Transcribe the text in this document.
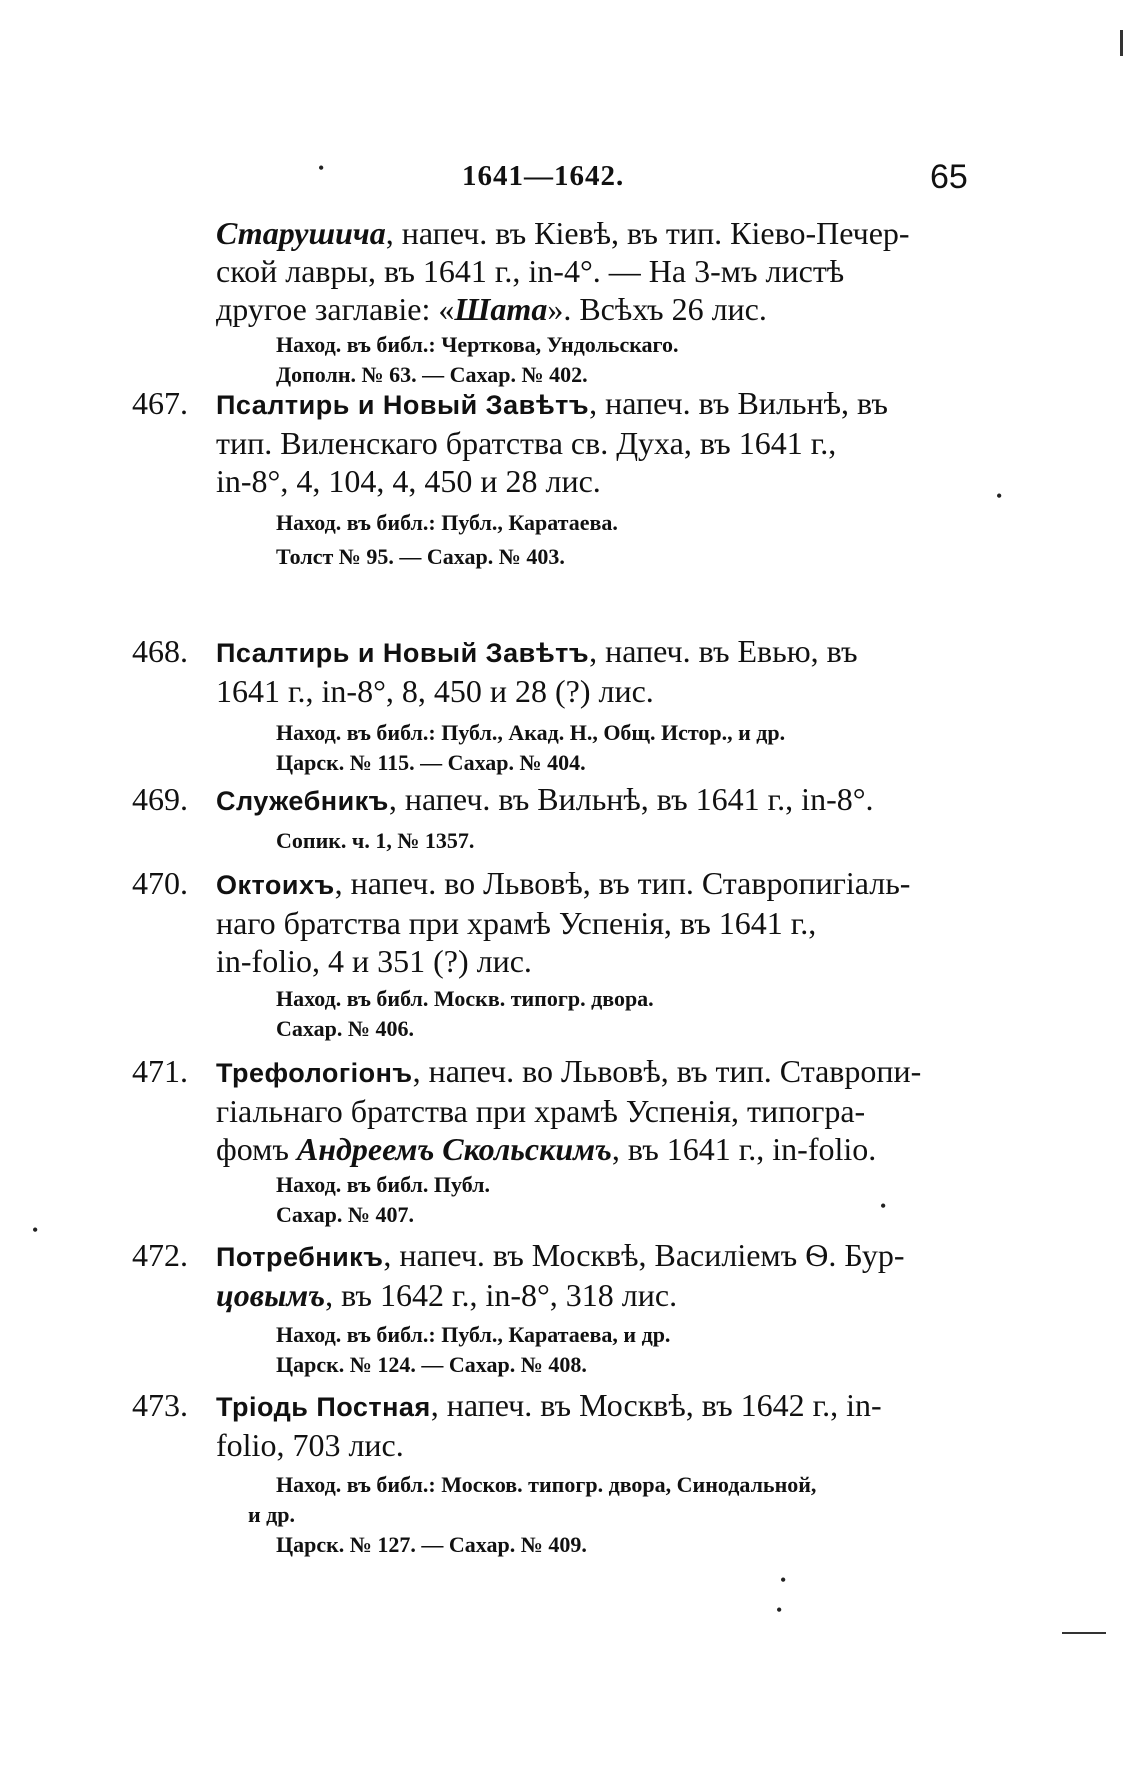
1641—1642.	65
Старушича, напеч. въ Кіевѣ, въ тип. Кіево-Печер-
ской лавры, въ 1641 г., in-4°. — На 3-мъ листѣ
другое заглавіе: «Шата». Всѣхъ 26 лис.
Наход. въ библ.: Черткова, Ундольскаго.
Дополн. № 63. — Сахар. № 402.
467. Псалтирь и Новый Завѣтъ, напеч. въ Вильнѣ, въ
тип. Виленскаго братства св. Духа, въ 1641 г.,
in-8°, 4, 104, 4, 450 и 28 лис.
Наход. въ библ.: Публ., Каратаева.
Толст № 95. — Сахар. № 403.
468. Псалтирь и Новый Завѣтъ, напеч. въ Евью, въ
1641 г., in-8°, 8, 450 и 28 (?) лис.
Наход. въ библ.: Публ., Акад. Н., Общ. Истор., и др.
Царск. № 115. — Сахар. № 404.
469. Служебникъ, напеч. въ Вильнѣ, въ 1641 г., in-8°.
Сопик. ч. 1, № 1357.
470. Октоихъ, напеч. во Львовѣ, въ тип. Ставропигіаль-
наго братства при храмѣ Успенія, въ 1641 г.,
in-folio, 4 и 351 (?) лис.
Наход. въ библ. Москв. типогр. двора.
Сахар. № 406.
471. Трефологіонъ, напеч. во Львовѣ, въ тип. Ставропи-
гіальнаго братства при храмѣ Успенія, типогра-
фомъ Андреемъ Скольскимъ, въ 1641 г., in-folio.
Наход. въ библ. Публ.
Сахар. № 407.
472. Потребникъ, напеч. въ Москвѣ, Василіемъ Ѳ. Бур-
цовымъ, въ 1642 г., in-8°, 318 лис.
Наход. въ библ.: Публ., Каратаева, и др.
Царск. № 124. — Сахар. № 408.
473. Тріодь Постная, напеч. въ Москвѣ, въ 1642 г., in-
folio, 703 лис.
Наход. въ библ.: Москов. типогр. двора, Синодальной,
и др.
Царск. № 127. — Сахар. № 409.
•
•
•
•
•
•
